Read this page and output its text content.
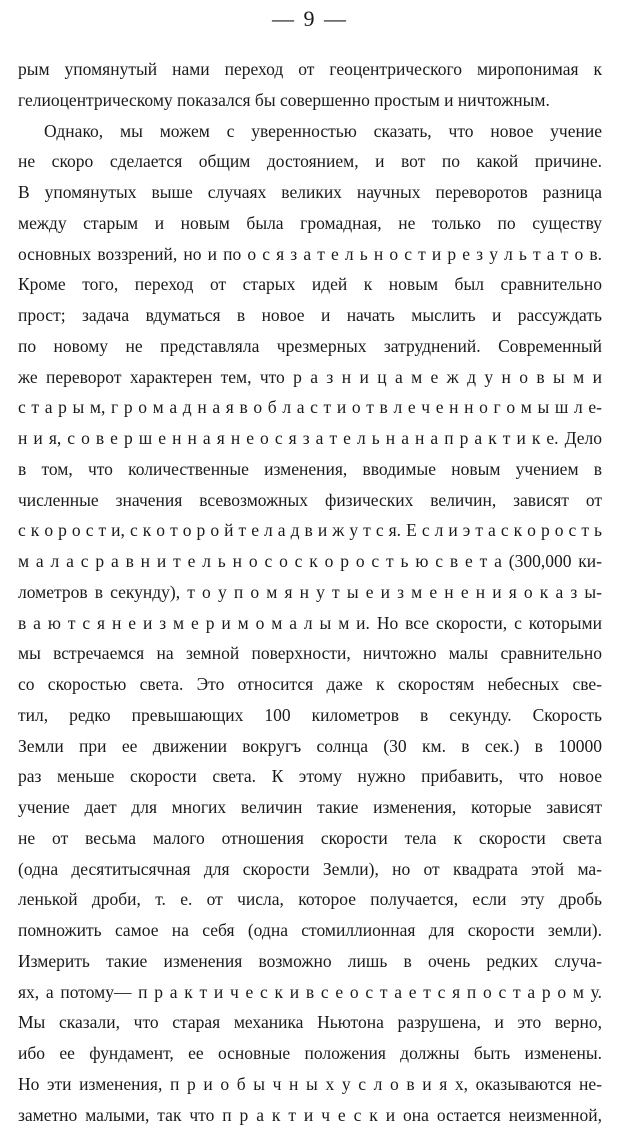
— 9 —
рым упомянутый нами переход от геоцентрического миропонимая к
гелиоцентрическому показался бы совершенно простым и ничтожным.
Однако, мы можем с уверенностью сказать, что новое учение
не скоро сделается общим достоянием, и вот по какой причине.
В упомянутых выше случаях великих научных переворотов разница
между старым и новым была громадная, не только по существу
основных воззрений, но и по о с я з а т е л ь н о с т и р е з у л ь т а т о в.
Кроме того, переход от старых идей к новым был сравнительно
прост; задача вдуматься в новое и начать мыслить и рассуждать
по новому не представляла чрезмерных затруднений. Современный
же переворот характерен тем, что р а з н и ц а м е ж д у н о в ы м и
с т а р ы м, г р о м а д н а я в о б л а с т и о т в л е ч е н н о г о м ы ш л е-
н и я, с о в е р ш е н н а я н е о с я з а т е л ь н а н а п р а к т и к е. Дело
в том, что количественные изменения, вводимые новым учением в
численные значения всевозможных физических величин, зависят от
с к о р о с т и, с к о т о р о й т е л а д в и ж у т с я. Е с л и э т а с к о р о с т ь
м а л а с р а в н и т е л ь н о с о с к о р о с т ь ю с в е т а (300,000 ки-
лометров в секунду), т о у п о м я н у т ы е и з м е н е н и я о к а з ы-
в а ю т с я н е и з м е р и м о м а л ы м и. Но все скорости, с которыми
мы встречаемся на земной поверхности, ничтожно малы сравнительно
со скоростью света. Это относится даже к скоростям небесных све-
тил, редко превышающих 100 километров в секунду. Скорость
Земли при ее движении вокругъ солнца (30 км. в сек.) в 10000
раз меньше скорости света. К этому нужно прибавить, что новое
учение дает для многих величин такие изменения, которые зависят
не от весьма малого отношения скорости тела к скорости света
(одна десятитысячная для скорости Земли), но от квадрата этой ма-
ленькой дроби, т. е. от числа, которое получается, если эту дробь
помножить самое на себя (одна стомиллионная для скорости земли).
Измерить такие изменения возможно лишь в очень редких случа-
ях, а потому— п р а к т и ч е с к и в с е о с т а е т с я п о с т а р о м у.
Мы сказали, что старая механика Ньютона разрушена, и это верно,
ибо ее фундамент, ее основные положения должны быть изменены.
Но эти изменения, п р и о б ы ч н ы х у с л о в и я х, оказываются не-
заметно малыми, так что п р а к т и ч е с к и она остается неизменной,
